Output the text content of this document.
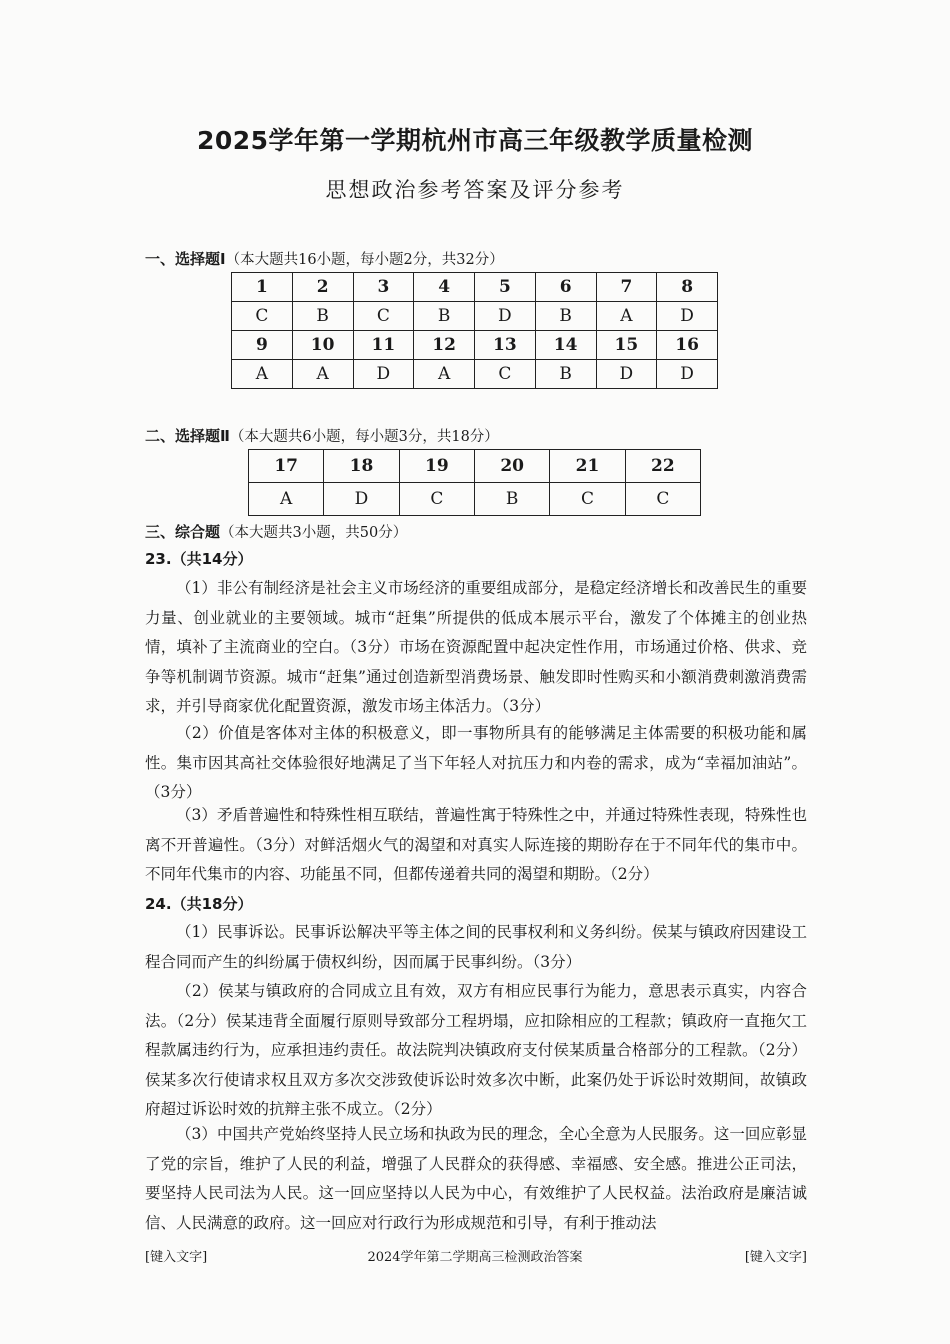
2025学年第一学期杭州市高三年级教学质量检测
思想政治参考答案及评分参考
一、选择题Ⅰ（本大题共16小题，每小题2分，共32分）
1	2	3	4	5	6	7	8
C	B	C	B	D	B	A	D
9	10	11	12	13	14	15	16
A	A	D	A	C	B	D	D
二、选择题Ⅱ（本大题共6小题，每小题3分，共18分）
17	18	19	20	21	22
A	D	C	B	C	C
三、综合题（本大题共3小题，共50分）
23.（共14分）
（1）非公有制经济是社会主义市场经济的重要组成部分，是稳定经济增长和改善民生的重要力量、创业就业的主要领域。城市“赶集”所提供的低成本展示平台，激发了个体摊主的创业热情，填补了主流商业的空白。（3分）市场在资源配置中起决定性作用，市场通过价格、供求、竞争等机制调节资源。城市“赶集”通过创造新型消费场景、触发即时性购买和小额消费刺激消费需求，并引导商家优化配置资源，激发市场主体活力。（3分）
（2）价值是客体对主体的积极意义，即一事物所具有的能够满足主体需要的积极功能和属性。集市因其高社交体验很好地满足了当下年轻人对抗压力和内卷的需求，成为“幸福加油站”。（3分）
（3）矛盾普遍性和特殊性相互联结，普遍性寓于特殊性之中，并通过特殊性表现，特殊性也离不开普遍性。（3分）对鲜活烟火气的渴望和对真实人际连接的期盼存在于不同年代的集市中。不同年代集市的内容、功能虽不同，但都传递着共同的渴望和期盼。（2分）
24.（共18分）
（1）民事诉讼。民事诉讼解决平等主体之间的民事权利和义务纠纷。侯某与镇政府因建设工程合同而产生的纠纷属于债权纠纷，因而属于民事纠纷。（3分）
（2）侯某与镇政府的合同成立且有效，双方有相应民事行为能力，意思表示真实，内容合法。（2分）侯某违背全面履行原则导致部分工程坍塌，应扣除相应的工程款；镇政府一直拖欠工程款属违约行为，应承担违约责任。故法院判决镇政府支付侯某质量合格部分的工程款。（2分）侯某多次行使请求权且双方多次交涉致使诉讼时效多次中断，此案仍处于诉讼时效期间，故镇政府超过诉讼时效的抗辩主张不成立。（2分）
（3）中国共产党始终坚持人民立场和执政为民的理念，全心全意为人民服务。这一回应彰显了党的宗旨，维护了人民的利益，增强了人民群众的获得感、幸福感、安全感。推进公正司法，要坚持人民司法为人民。这一回应坚持以人民为中心，有效维护了人民权益。法治政府是廉洁诚信、人民满意的政府。这一回应对行政行为形成规范和引导，有利于推动法
[键入文字]	2024学年第二学期高三检测政治答案	[键入文字]
